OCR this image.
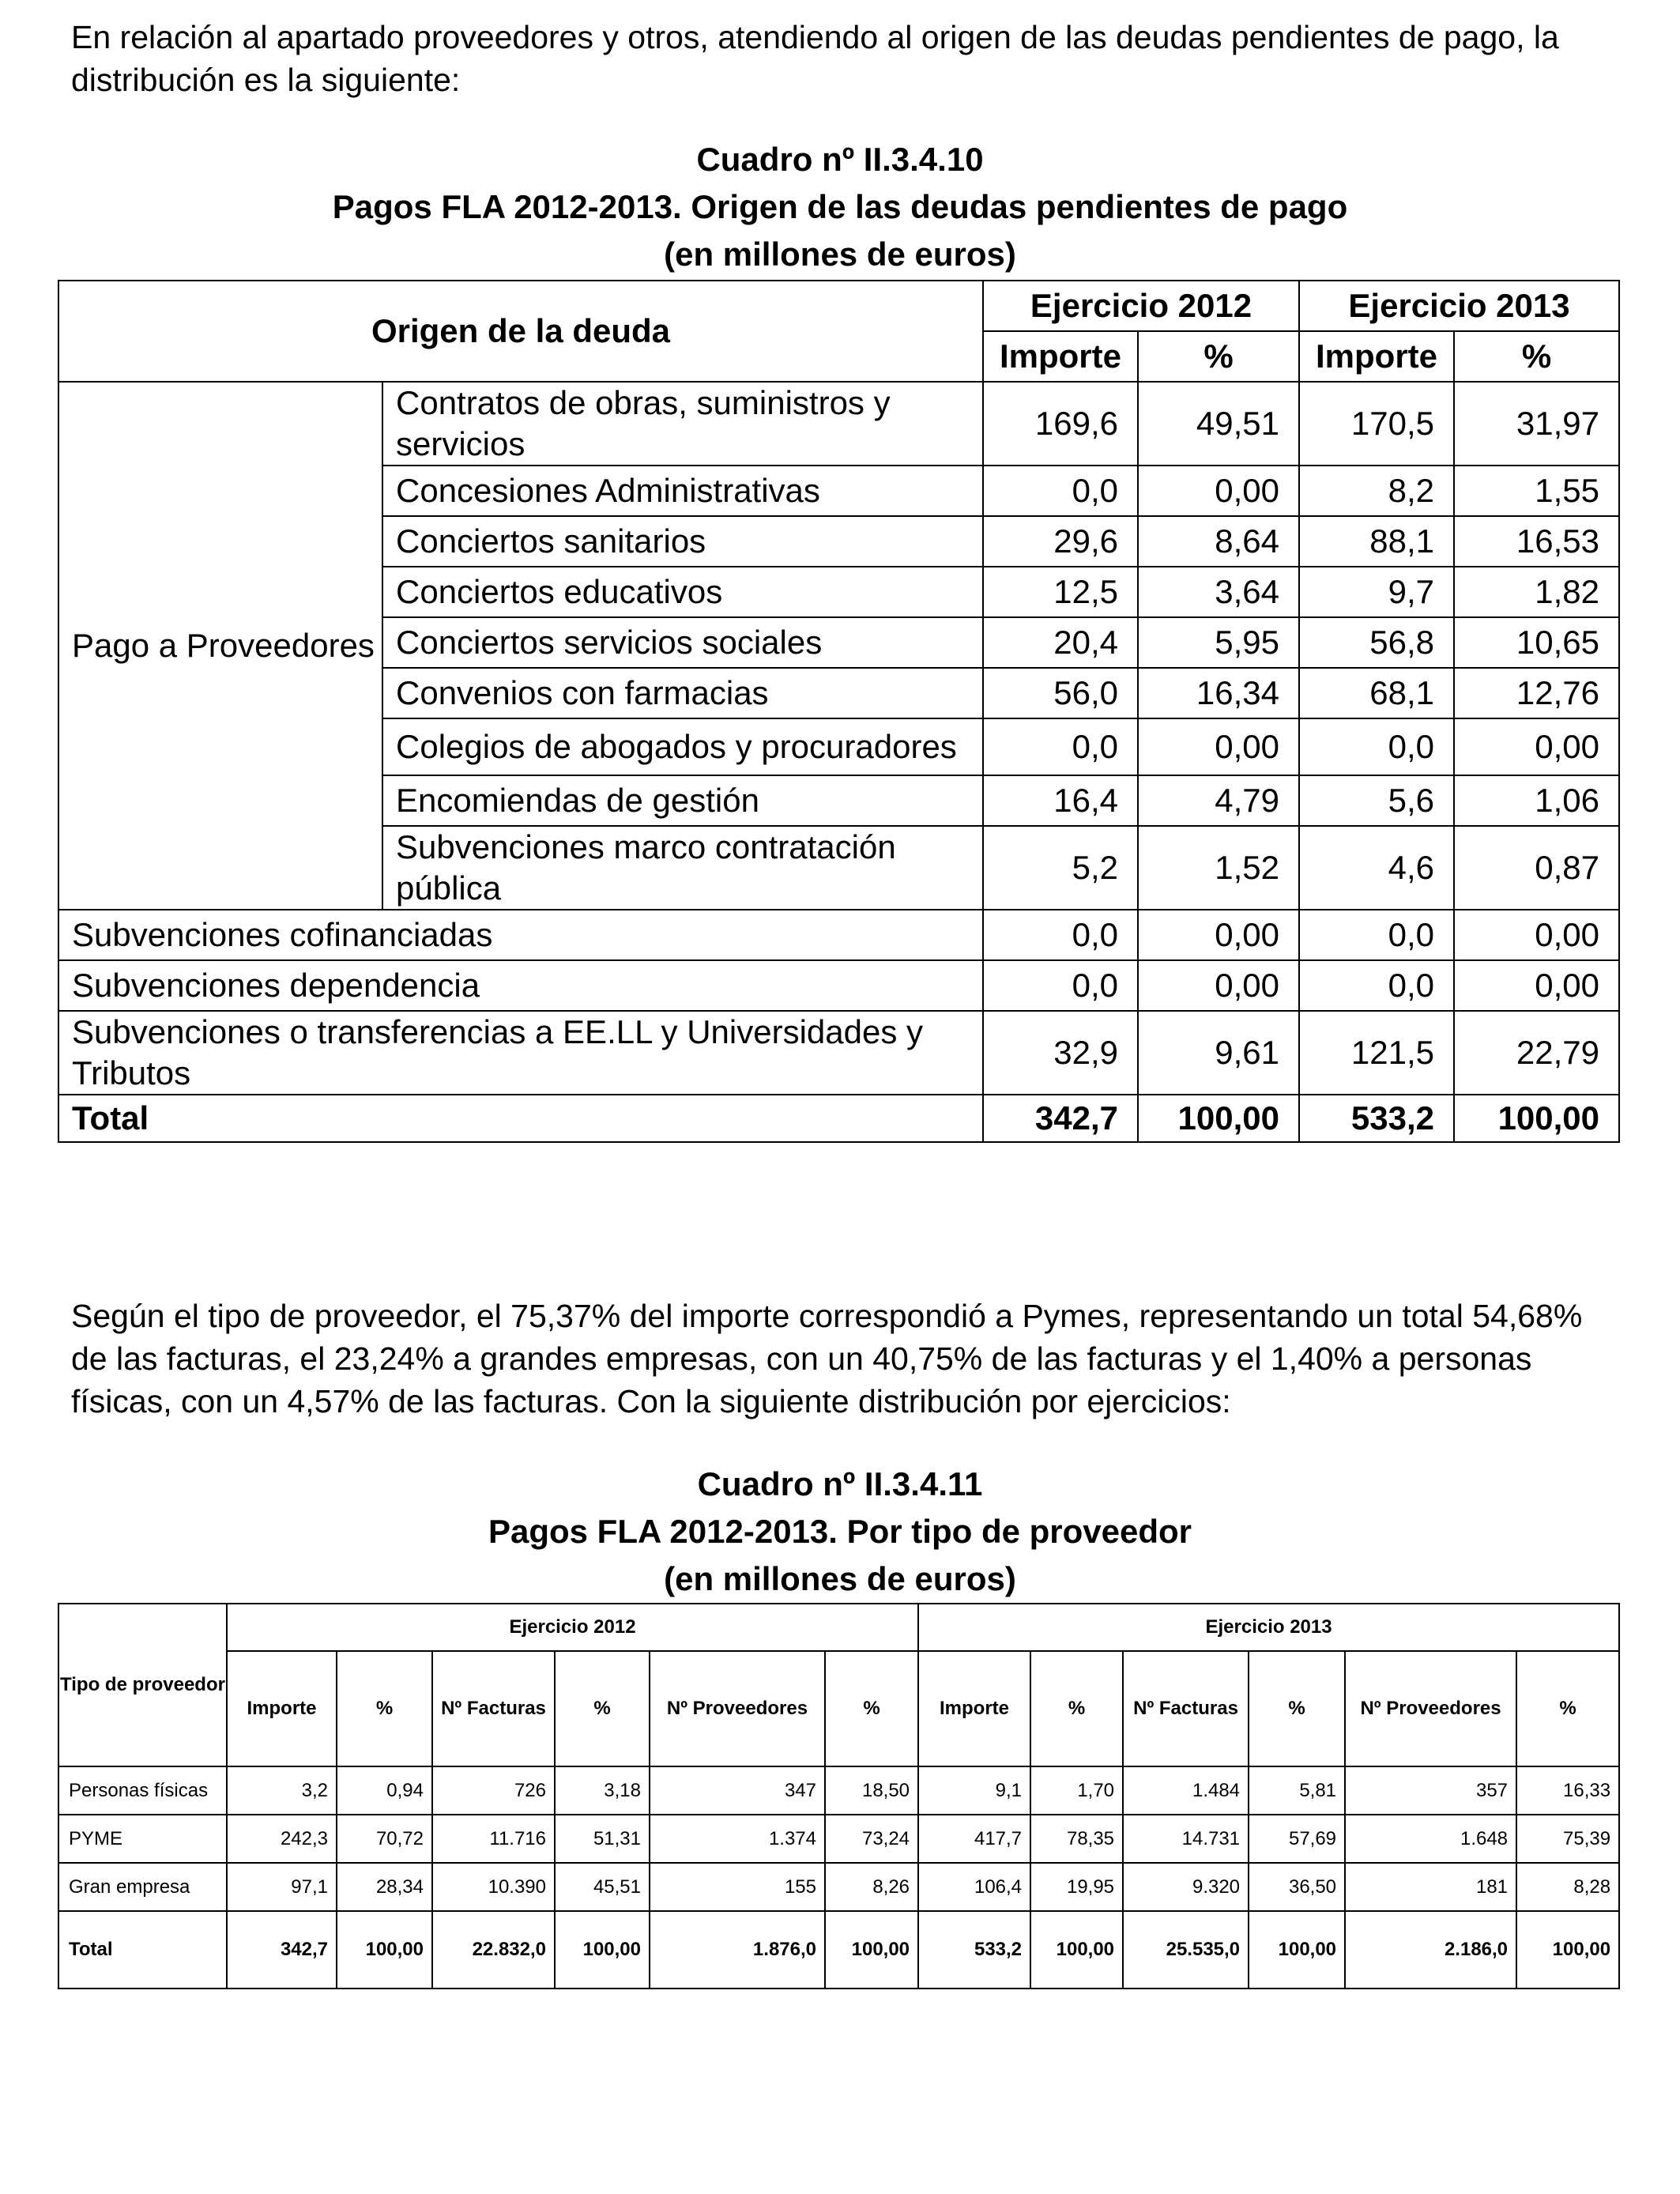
En relación al apartado proveedores y otros, atendiendo al origen de las deudas pendientes de pago, la distribución es la siguiente:

Cuadro nº II.3.4.10
Pagos FLA 2012-2013. Origen de las deudas pendientes de pago
(en millones de euros)
Origen de la deuda		Ejercicio 2012		Ejercicio 2013	
		Importe	%	Importe	%
Pago a Proveedores	Contratos de obras, suministros y servicios	169,6	49,51	170,5	31,97
	Concesiones Administrativas	0,0	0,00	8,2	1,55
	Conciertos sanitarios	29,6	8,64	88,1	16,53
	Conciertos educativos	12,5	3,64	9,7	1,82
	Conciertos servicios sociales	20,4	5,95	56,8	10,65
	Convenios con farmacias	56,0	16,34	68,1	12,76
	Colegios de abogados y procuradores	0,0	0,00	0,0	0,00
	Encomiendas de gestión	16,4	4,79	5,6	1,06
	Subvenciones marco contratación pública	5,2	1,52	4,6	0,87
Subvenciones cofinanciadas		0,0	0,00	0,0	0,00
Subvenciones dependencia		0,0	0,00	0,0	0,00
Subvenciones o transferencias a EE.LL y Universidades y Tributos		32,9	9,61	121,5	22,79
Total		342,7	100,00	533,2	100,00

Según el tipo de proveedor, el 75,37% del importe correspondió a Pymes, representando un total 54,68% de las facturas, el 23,24% a grandes empresas, con un 40,75% de las facturas y el 1,40% a personas físicas, con un 4,57% de las facturas. Con la siguiente distribución por ejercicios:

Cuadro nº II.3.4.11
Pagos FLA 2012-2013. Por tipo de proveedor
(en millones de euros)
Tipo de proveedor	Ejercicio 2012						Ejercicio 2013					
	Importe	%	Nº Facturas	%	Nº Proveedores	%	Importe	%	Nº Facturas	%	Nº Proveedores	%
Personas físicas	3,2	0,94	726	3,18	347	18,50	9,1	1,70	1.484	5,81	357	16,33
PYME	242,3	70,72	11.716	51,31	1.374	73,24	417,7	78,35	14.731	57,69	1.648	75,39
Gran empresa	97,1	28,34	10.390	45,51	155	8,26	106,4	19,95	9.320	36,50	181	8,28
Total	342,7	100,00	22.832,0	100,00	1.876,0	100,00	533,2	100,00	25.535,0	100,00	2.186,0	100,00
